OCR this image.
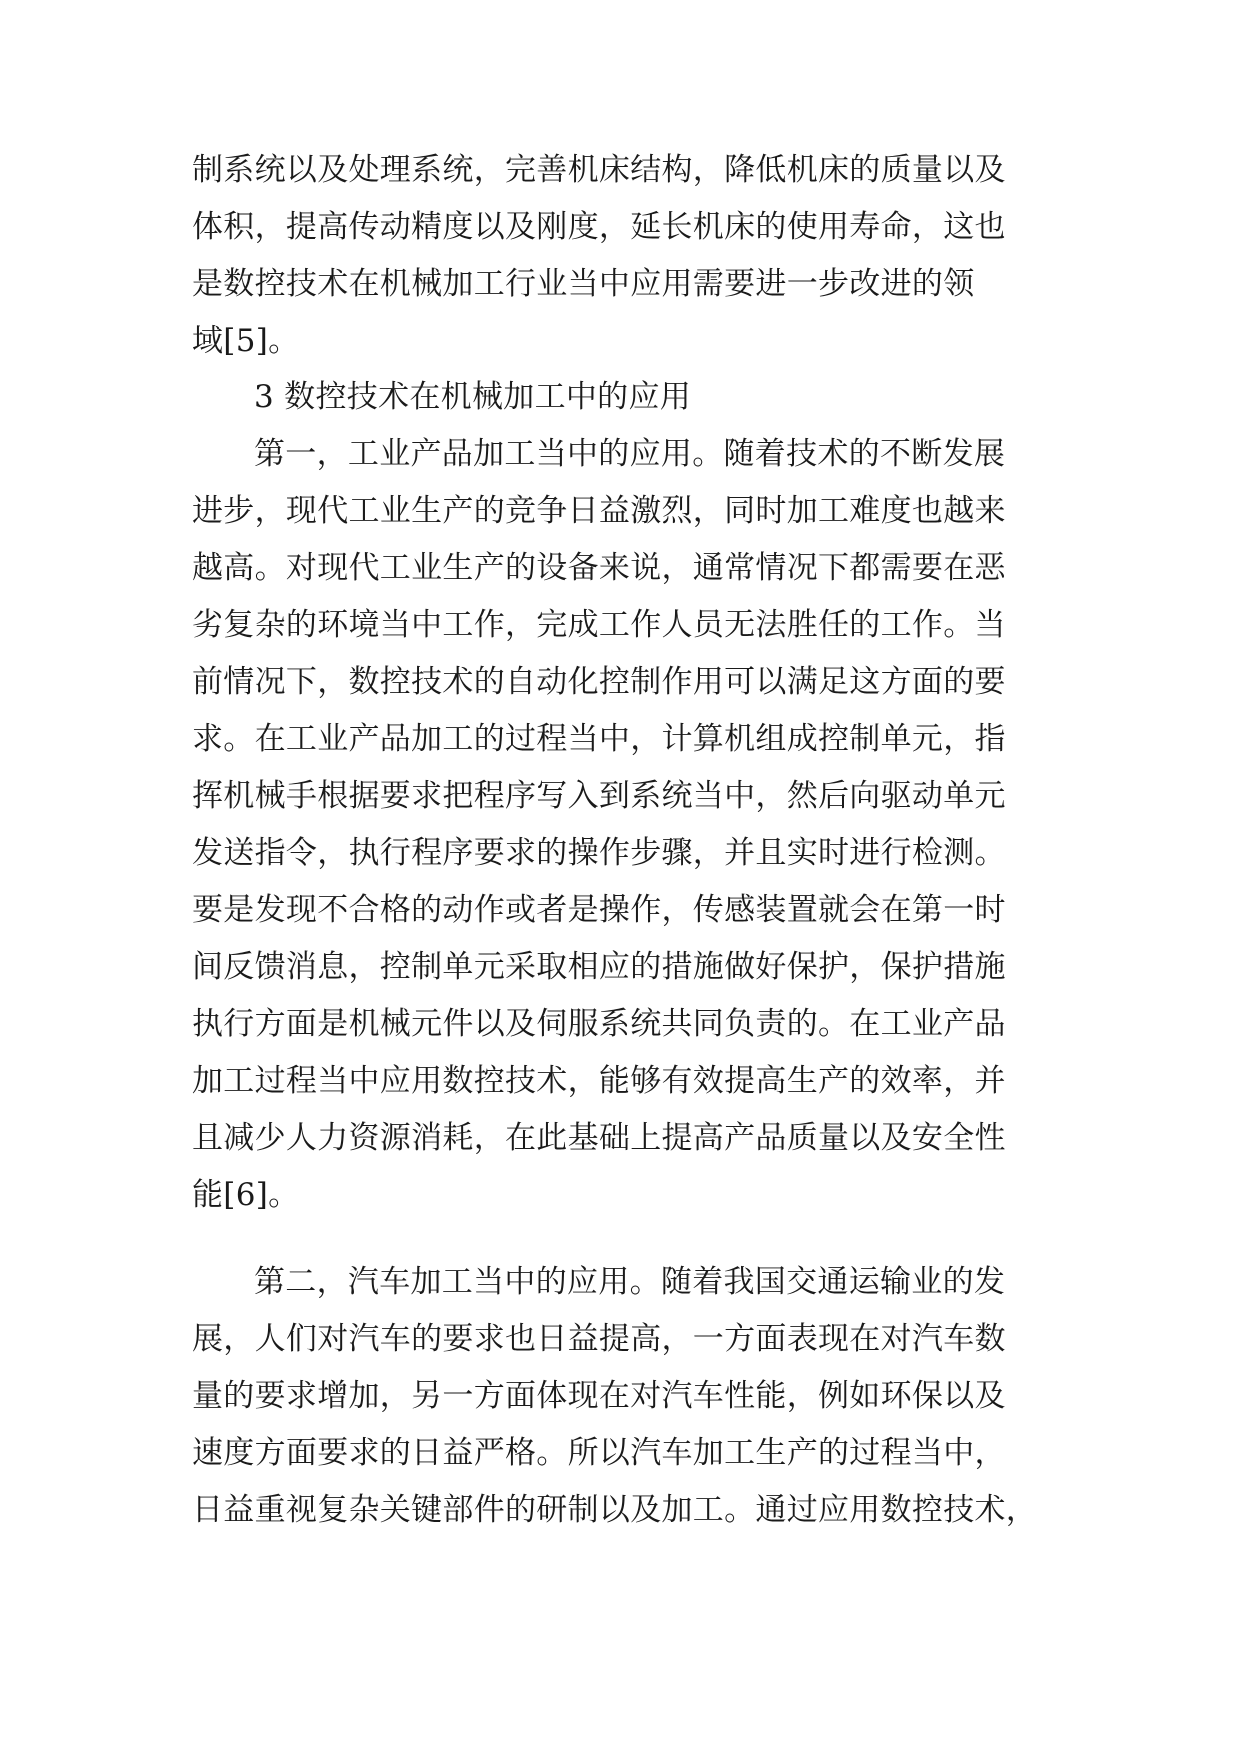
制系统以及处理系统，完善机床结构，降低机床的质量以及
体积，提高传动精度以及刚度，延长机床的使用寿命，这也
是数控技术在机械加工行业当中应用需要进一步改进的领
域[5]。
3 数控技术在机械加工中的应用
第一，工业产品加工当中的应用。随着技术的不断发展
进步，现代工业生产的竞争日益激烈，同时加工难度也越来
越高。对现代工业生产的设备来说，通常情况下都需要在恶
劣复杂的环境当中工作，完成工作人员无法胜任的工作。当
前情况下，数控技术的自动化控制作用可以满足这方面的要
求。在工业产品加工的过程当中，计算机组成控制单元，指
挥机械手根据要求把程序写入到系统当中，然后向驱动单元
发送指令，执行程序要求的操作步骤，并且实时进行检测。
要是发现不合格的动作或者是操作，传感装置就会在第一时
间反馈消息，控制单元采取相应的措施做好保护，保护措施
执行方面是机械元件以及伺服系统共同负责的。在工业产品
加工过程当中应用数控技术，能够有效提高生产的效率，并
且减少人力资源消耗，在此基础上提高产品质量以及安全性
能[6]。
第二，汽车加工当中的应用。随着我国交通运输业的发
展，人们对汽车的要求也日益提高，一方面表现在对汽车数
量的要求增加，另一方面体现在对汽车性能，例如环保以及
速度方面要求的日益严格。所以汽车加工生产的过程当中，
日益重视复杂关键部件的研制以及加工。通过应用数控技术，
